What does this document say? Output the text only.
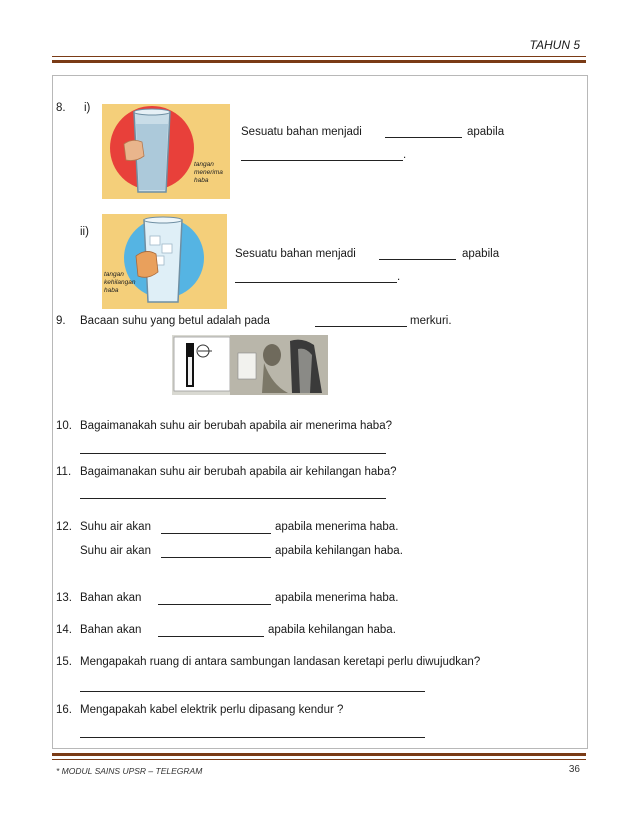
TAHUN 5
8. i)
tangan
menerima
haba
Sesuatu bahan menjadi	apabila
.
ii)
tangan
kehilangan
haba
Sesuatu bahan menjadi	apabila
.
9. Bacaan suhu yang betul adalah pada	merkuri.
10. Bagaimanakah suhu air berubah apabila air menerima haba?
11. Bagaimanakan suhu air berubah apabila air kehilangan haba?
12. Suhu air akan	apabila menerima haba.
Suhu air akan	apabila kehilangan haba.
13. Bahan akan	apabila menerima haba.
14. Bahan akan	apabila kehilangan haba.
15. Mengapakah ruang di antara sambungan landasan keretapi perlu diwujudkan?
16. Mengapakah kabel elektrik perlu dipasang kendur ?
* MODUL SAINS UPSR – TELEGRAM	36
